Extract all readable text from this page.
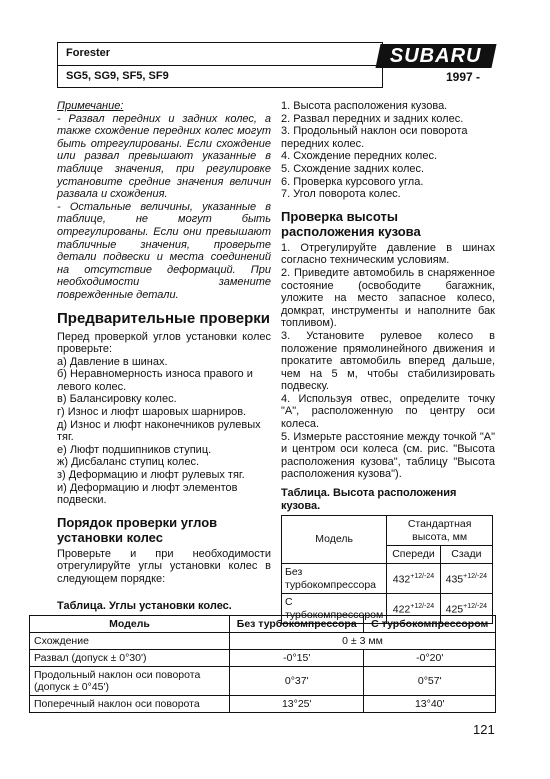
Forester
SG5, SG9, SF5, SF9
SUBARU
1997 -
Примечание:
- Развал передних и задних колес, а также схождение передних колес могут быть отрегулированы. Если схождение или развал превышают указанные в таблице значения, при регулировке установите средние значения величин развала и схождения.
- Остальные величины, указанные в таблице, не могут быть отрегулированы. Если они превышают табличные значения, проверьте детали подвески и места соединений на отсутствие деформаций. При необходимости замените поврежденные детали.
Предварительные проверки
Перед проверкой углов установки колес проверьте:
а) Давление в шинах.
б) Неравномерность износа правого и левого колес.
в) Балансировку колес.
г) Износ и люфт шаровых шарниров.
д) Износ и люфт наконечников рулевых тяг.
е) Люфт подшипников ступиц.
ж) Дисбаланс ступиц колес.
з) Деформацию и люфт рулевых тяг.
и) Деформацию и люфт элементов подвески.
Порядок проверки углов установки колес
Проверьте и при необходимости отрегулируйте углы установки колес в следующем порядке:
1. Высота расположения кузова.
2. Развал передних и задних колес.
3. Продольный наклон оси поворота передних колес.
4. Схождение передних колес.
5. Схождение задних колес.
6. Проверка курсового угла.
7. Угол поворота колес.
Проверка высоты расположения кузова
1. Отрегулируйте давление в шинах согласно техническим условиям.
2. Приведите автомобиль в снаряженное состояние (освободите багажник, уложите на место запасное колесо, домкрат, инструменты и наполните бак топливом).
3. Установите рулевое колесо в положение прямолинейного движения и прокатите автомобиль вперед дальше, чем на 5 м, чтобы стабилизировать подвеску.
4. Используя отвес, определите точку "A", расположенную по центру оси колеса.
5. Измерьте расстояние между точкой "A" и центром оси колеса (см. рис. "Высота расположения кузова", таблицу "Высота расположения кузова").
Таблица. Высота расположения кузова.
Модель	Стандартная высота, мм	
	Спереди	Сзади
Без турбокомпрессора	$432^{+12/-24}$	$435^{+12/-24}$
С турбокомпрессором	$422^{+12/-24}$	$425^{+12/-24}$
Таблица. Углы установки колес.
Модель	Без турбокомпрессора	С турбокомпрессором
Схождение	0 ± 3 мм	
Развал (допуск ± 0°30')	-0°15'	-0°20'
Продольный наклон оси поворота (допуск ± 0°45')	0°37'	0°57'
Поперечный наклон оси поворота	13°25'	13°40'
121
